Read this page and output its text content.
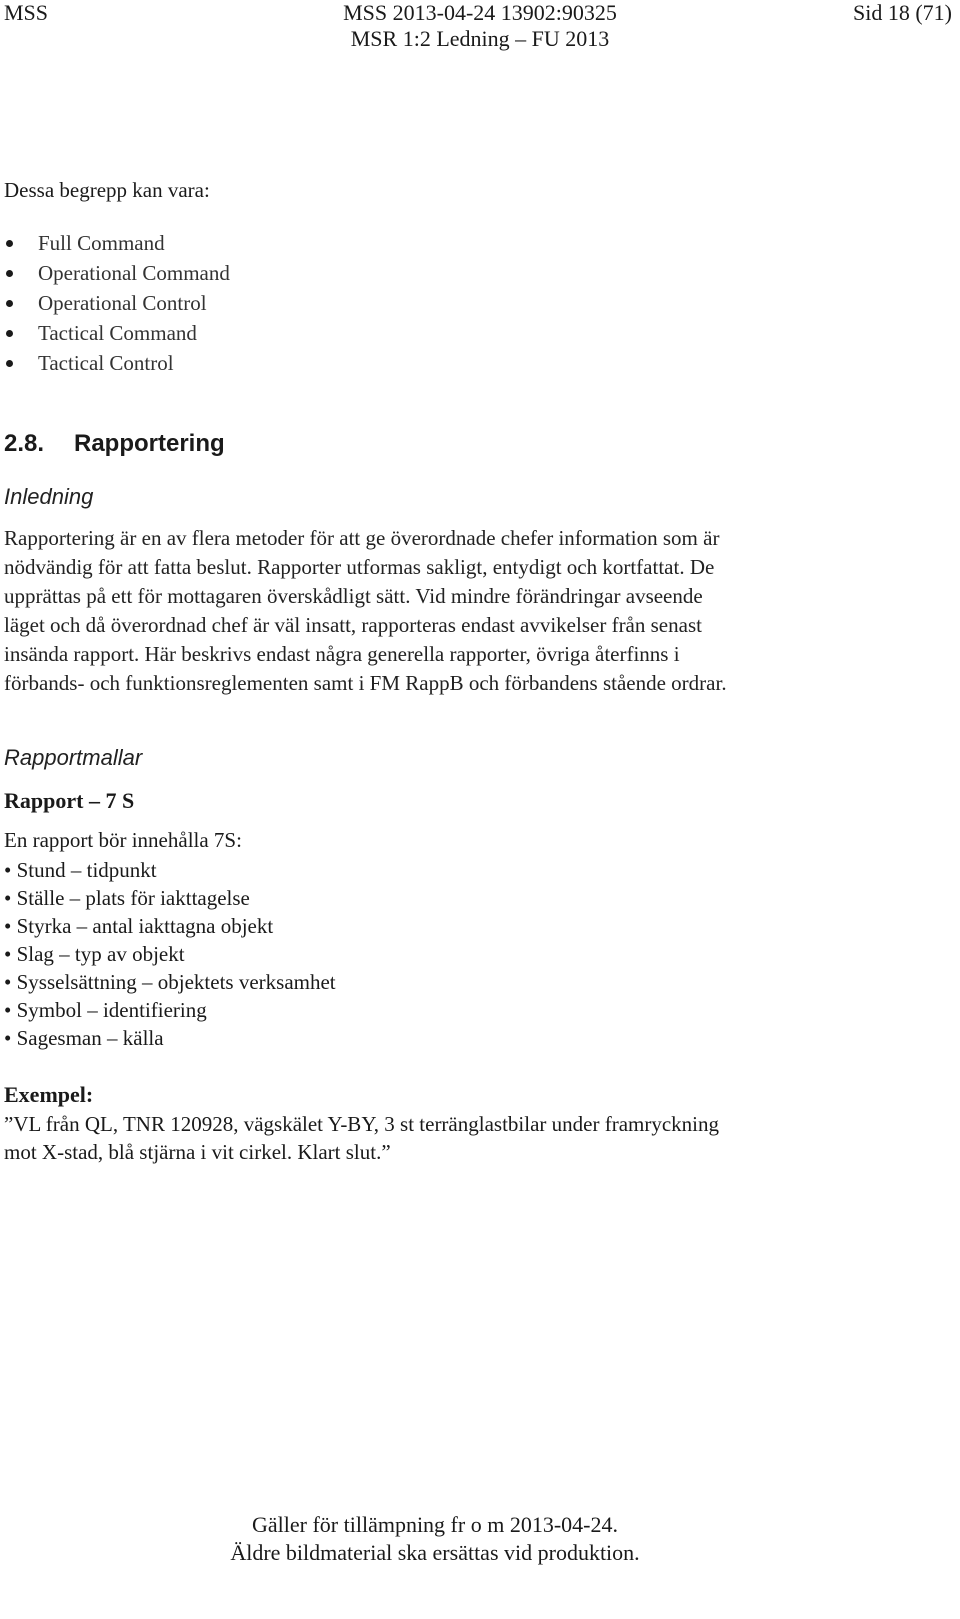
MSS	MSS 2013-04-24 13902:90325
MSR 1:2 Ledning – FU 2013
Sid 18 (71)
Dessa begrepp kan vara:
Full Command
Operational Command
Operational Control
Tactical Command
Tactical Control
2.8. Rapportering
Inledning
Rapportering är en av flera metoder för att ge överordnade chefer information som är
nödvändig för att fatta beslut. Rapporter utformas sakligt, entydigt och kortfattat. De
upprättas på ett för mottagaren överskådligt sätt. Vid mindre förändringar avseende
läget och då överordnad chef är väl insatt, rapporteras endast avvikelser från senast
insända rapport. Här beskrivs endast några generella rapporter, övriga återfinns i
förbands- och funktionsreglementen samt i FM RappB och förbandens stående ordrar.
Rapportmallar
Rapport – 7 S
En rapport bör innehålla 7S:
• Stund – tidpunkt
• Ställe – plats för iakttagelse
• Styrka – antal iakttagna objekt
• Slag – typ av objekt
• Sysselsättning – objektets verksamhet
• Symbol – identifiering
• Sagesman – källa
Exempel:
”VL från QL, TNR 120928, vägskälet Y-BY, 3 st terränglastbilar under framryckning
mot X-stad, blå stjärna i vit cirkel. Klart slut.”
Gäller för tillämpning fr o m 2013-04-24.
Äldre bildmaterial ska ersättas vid produktion.
